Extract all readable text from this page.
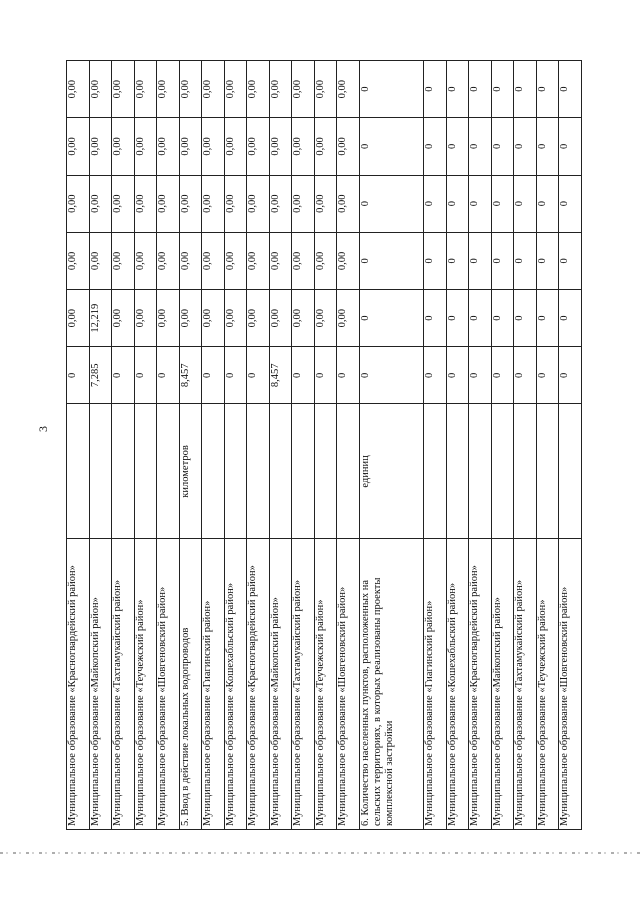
3
Муниципальное образование «Красногвардейский район»		0	0,00	0,00	0,00	0,00	0,00
Муниципальное образование «Майкопский район»		7,285	12,219	0,00	0,00	0,00	0,00
Муниципальное образование «Тахтамукайский район»		0	0,00	0,00	0,00	0,00	0,00
Муниципальное образование «Теучежский район»		0	0,00	0,00	0,00	0,00	0,00
Муниципальное образование «Шовгеновский район»		0	0,00	0,00	0,00	0,00	0,00
5. Ввод в действие локальных водопроводов	километров	8,457	0,00	0,00	0,00	0,00	0,00
Муниципальное образование «Гиагинский район»		0	0,00	0,00	0,00	0,00	0,00
Муниципальное образование «Кошехабльский район»		0	0,00	0,00	0,00	0,00	0,00
Муниципальное образование «Красногвардейский район»		0	0,00	0,00	0,00	0,00	0,00
Муниципальное образование «Майкопский район»		8,457	0,00	0,00	0,00	0,00	0,00
Муниципальное образование «Тахтамукайский район»		0	0,00	0,00	0,00	0,00	0,00
Муниципальное образование «Теучежский район»		0	0,00	0,00	0,00	0,00	0,00
Муниципальное образование «Шовгеновский район»		0	0,00	0,00	0,00	0,00	0,00
6. Количество населенных пунктов, расположенных на сельских территориях, в которых реализованы проекты комплексной застройки	единиц	0	0	0	0	0	0
Муниципальное образование «Гиагинский район»		0	0	0	0	0	0
Муниципальное образование «Кошехабльский район»		0	0	0	0	0	0
Муниципальное образование «Красногвардейский район»		0	0	0	0	0	0
Муниципальное образование «Майкопский район»		0	0	0	0	0	0
Муниципальное образование «Тахтамукайский район»		0	0	0	0	0	0
Муниципальное образование «Теучежский район»		0	0	0	0	0	0
Муниципальное образование «Шовгеновский район»		0	0	0	0	0	0
